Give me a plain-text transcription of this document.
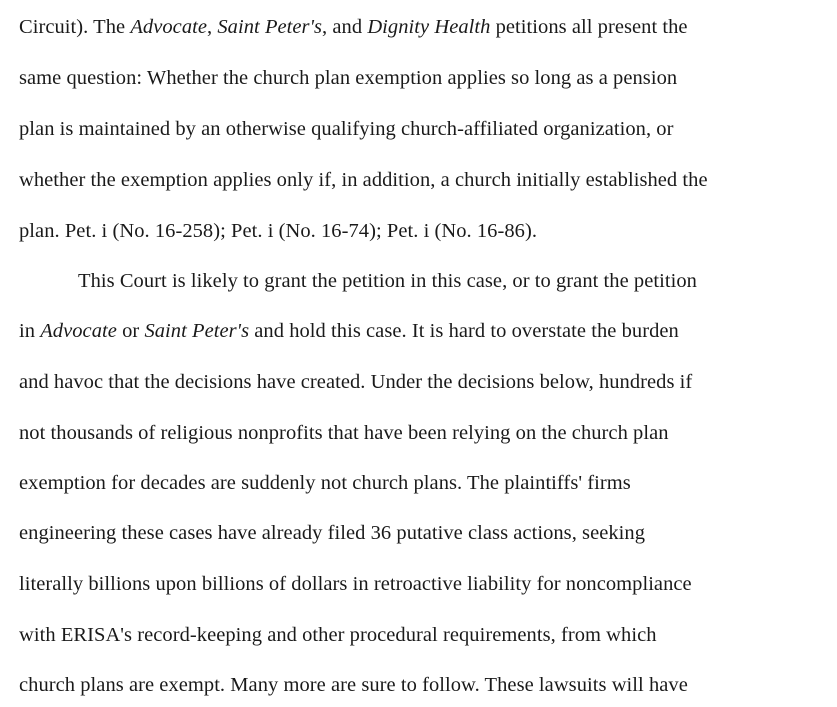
Circuit). The Advocate, Saint Peter's, and Dignity Health petitions all present the
same question: Whether the church plan exemption applies so long as a pension
plan is maintained by an otherwise qualifying church-affiliated organization, or
whether the exemption applies only if, in addition, a church initially established the
plan. Pet. i (No. 16-258); Pet. i (No. 16-74); Pet. i (No. 16-86).
This Court is likely to grant the petition in this case, or to grant the petition
in Advocate or Saint Peter's and hold this case. It is hard to overstate the burden
and havoc that the decisions have created. Under the decisions below, hundreds if
not thousands of religious nonprofits that have been relying on the church plan
exemption for decades are suddenly not church plans. The plaintiffs' firms
engineering these cases have already filed 36 putative class actions, seeking
literally billions upon billions of dollars in retroactive liability for noncompliance
with ERISA's record-keeping and other procedural requirements, from which
church plans are exempt. Many more are sure to follow. These lawsuits will have
